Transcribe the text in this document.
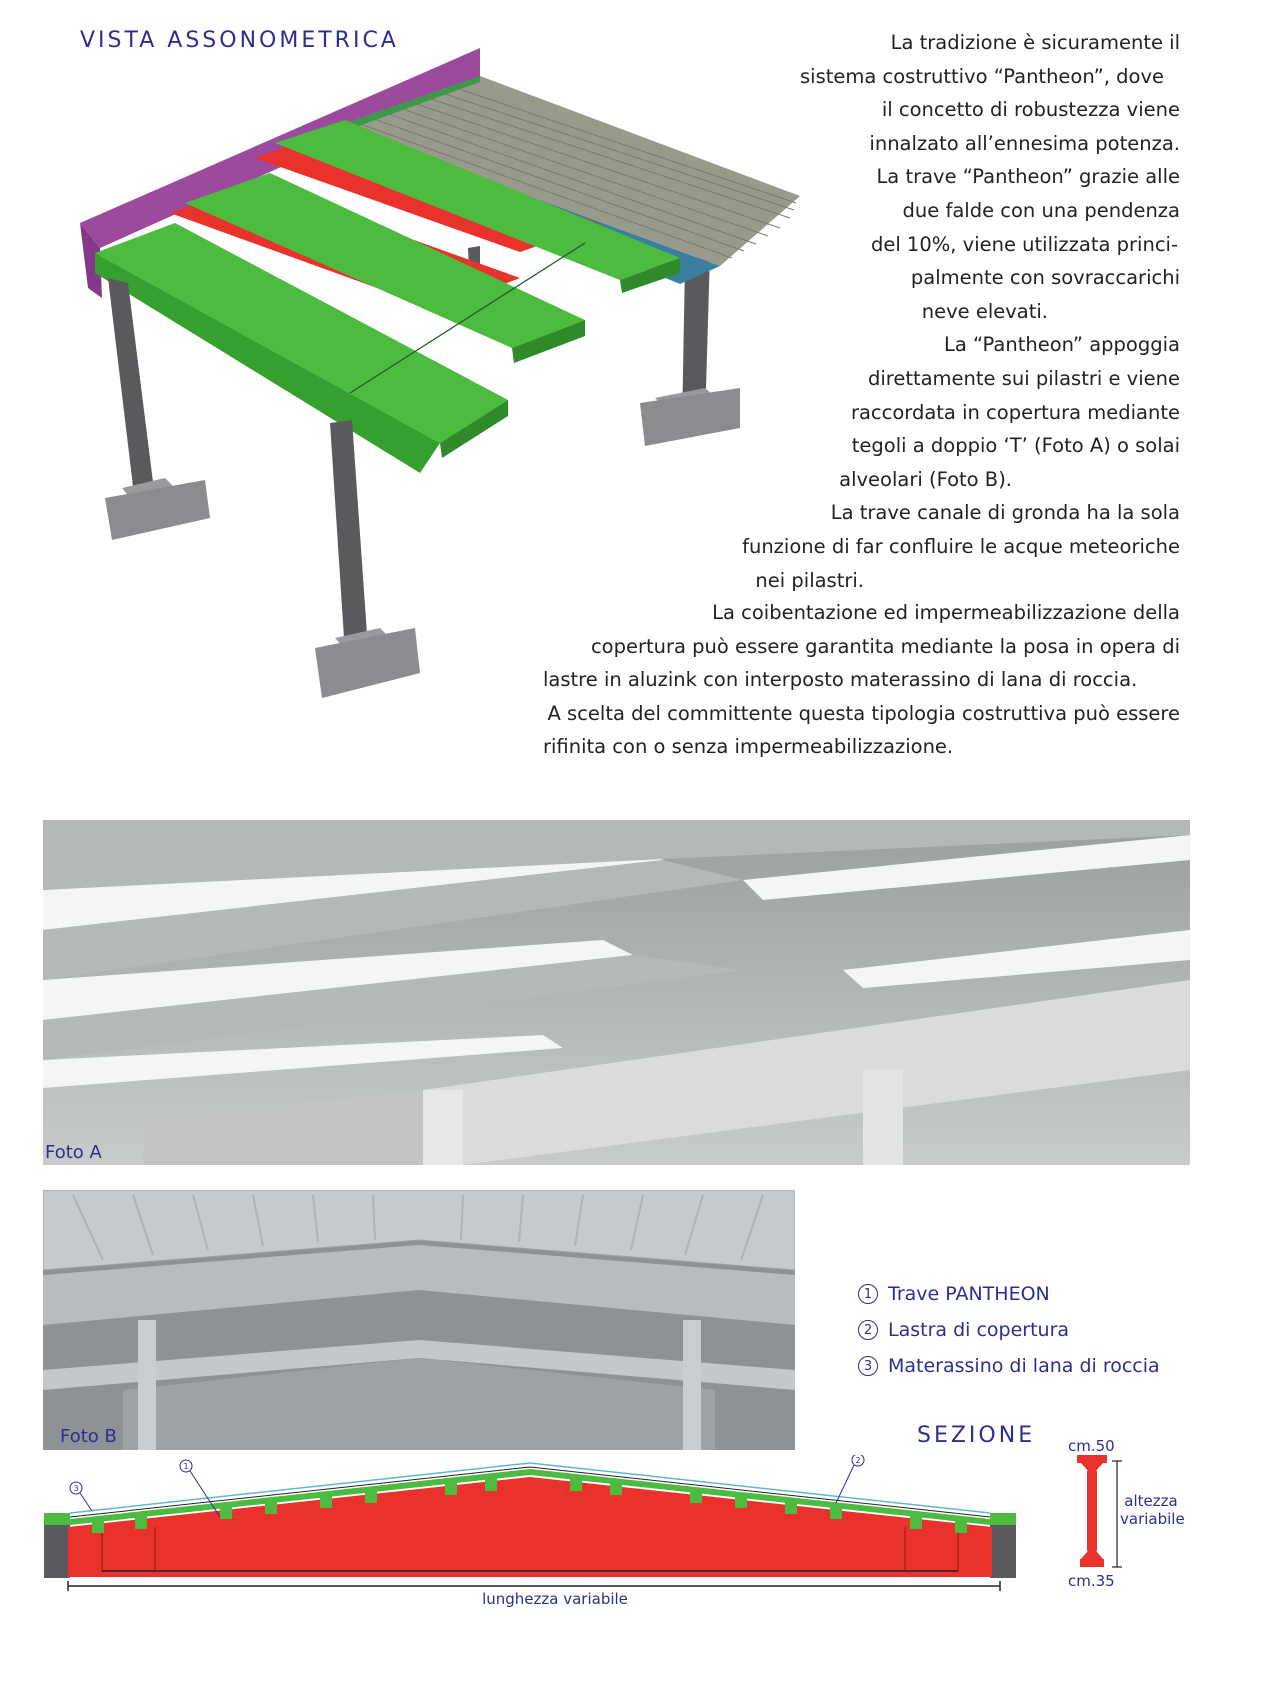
VISTA ASSONOMETRICA	La tradizione è sicuramente il
sistema costruttivo “Pantheon”, dove
il concetto di robustezza viene
innalzato all’ennesima potenza.
La trave “Pantheon” grazie alle
due falde con una pendenza
del 10%, viene utilizzata princi-
palmente con sovraccarichi
neve elevati.
La “Pantheon” appoggia
direttamente sui pilastri e viene
raccordata in copertura mediante
tegoli a doppio ‘T’ (Foto A) o solai
alveolari (Foto B).
La trave canale di gronda ha la sola
funzione di far confluire le acque meteoriche
nei pilastri.
La coibentazione ed impermeabilizzazione della
copertura può essere garantita mediante la posa in opera di
lastre in aluzink con interposto materassino di lana di roccia.
A scelta del committente questa tipologia costruttiva può essere
rifinita con o senza impermeabilizzazione.
Foto A
Foto B
1 Trave PANTHEON
2 Lastra di copertura
3 Materassino di lana di roccia
SEZIONE
3
1
2
lunghezza variabile
cm.50
altezza
variabile
cm.35
